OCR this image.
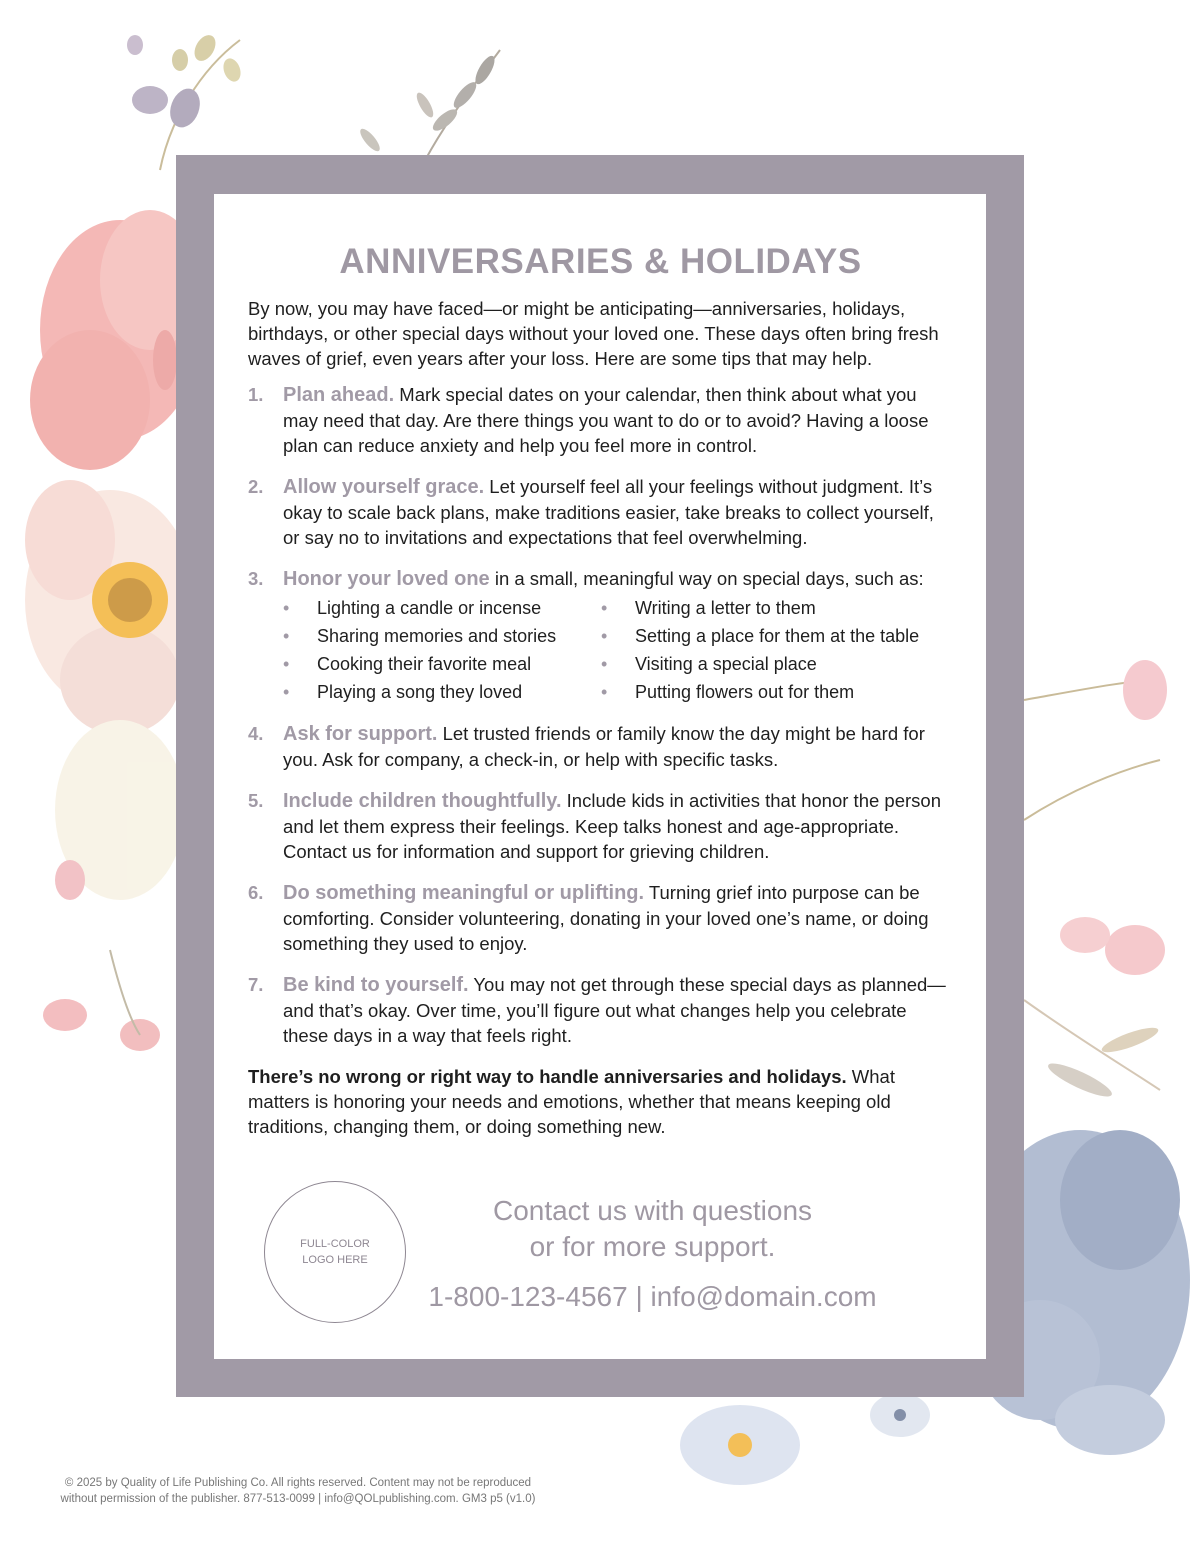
ANNIVERSARIES & HOLIDAYS

By now, you may have faced—or might be anticipating—anniversaries, holidays, birthdays, or other special days without your loved one. These days often bring fresh waves of grief, even years after your loss. Here are some tips that may help.

1. Plan ahead. Mark special dates on your calendar, then think about what you may need that day. Are there things you want to do or to avoid? Having a loose plan can reduce anxiety and help you feel more in control.
2. Allow yourself grace. Let yourself feel all your feelings without judgment. It’s okay to scale back plans, make traditions easier, take breaks to collect yourself, or say no to invitations and expectations that feel overwhelming.
3. Honor your loved one in a small, meaningful way on special days, such as:
•	Lighting a candle or incense	•	Writing a letter to them
•	Sharing memories and stories •	Setting a place for them at the table
•	Cooking their favorite meal	•	Visiting a special place
•	Playing a song they loved	•	Putting flowers out for them
4. Ask for support. Let trusted friends or family know the day might be hard for you. Ask for company, a check-in, or help with specific tasks.
5. Include children thoughtfully. Include kids in activities that honor the person and let them express their feelings. Keep talks honest and age-appropriate. Contact us for information and support for grieving children.
6. Do something meaningful or uplifting. Turning grief into purpose can be comforting. Consider volunteering, donating in your loved one’s name, or doing something they used to enjoy.
7. Be kind to yourself. You may not get through these special days as planned—and that’s okay. Over time, you’ll figure out what changes help you celebrate these days in a way that feels right.

There’s no wrong or right way to handle anniversaries and holidays. What matters is honoring your needs and emotions, whether that means keeping old traditions, changing them, or doing something new.

FULL-COLOR
LOGO HERE
Contact us with questions
or for more support.
1-800-123-4567 | info@domain.com
© 2025 by Quality of Life Publishing Co. All rights reserved. Content may not be reproduced
without permission of the publisher. 877-513-0099 | info@QOLpublishing.com. GM3 p5 (v1.0)
